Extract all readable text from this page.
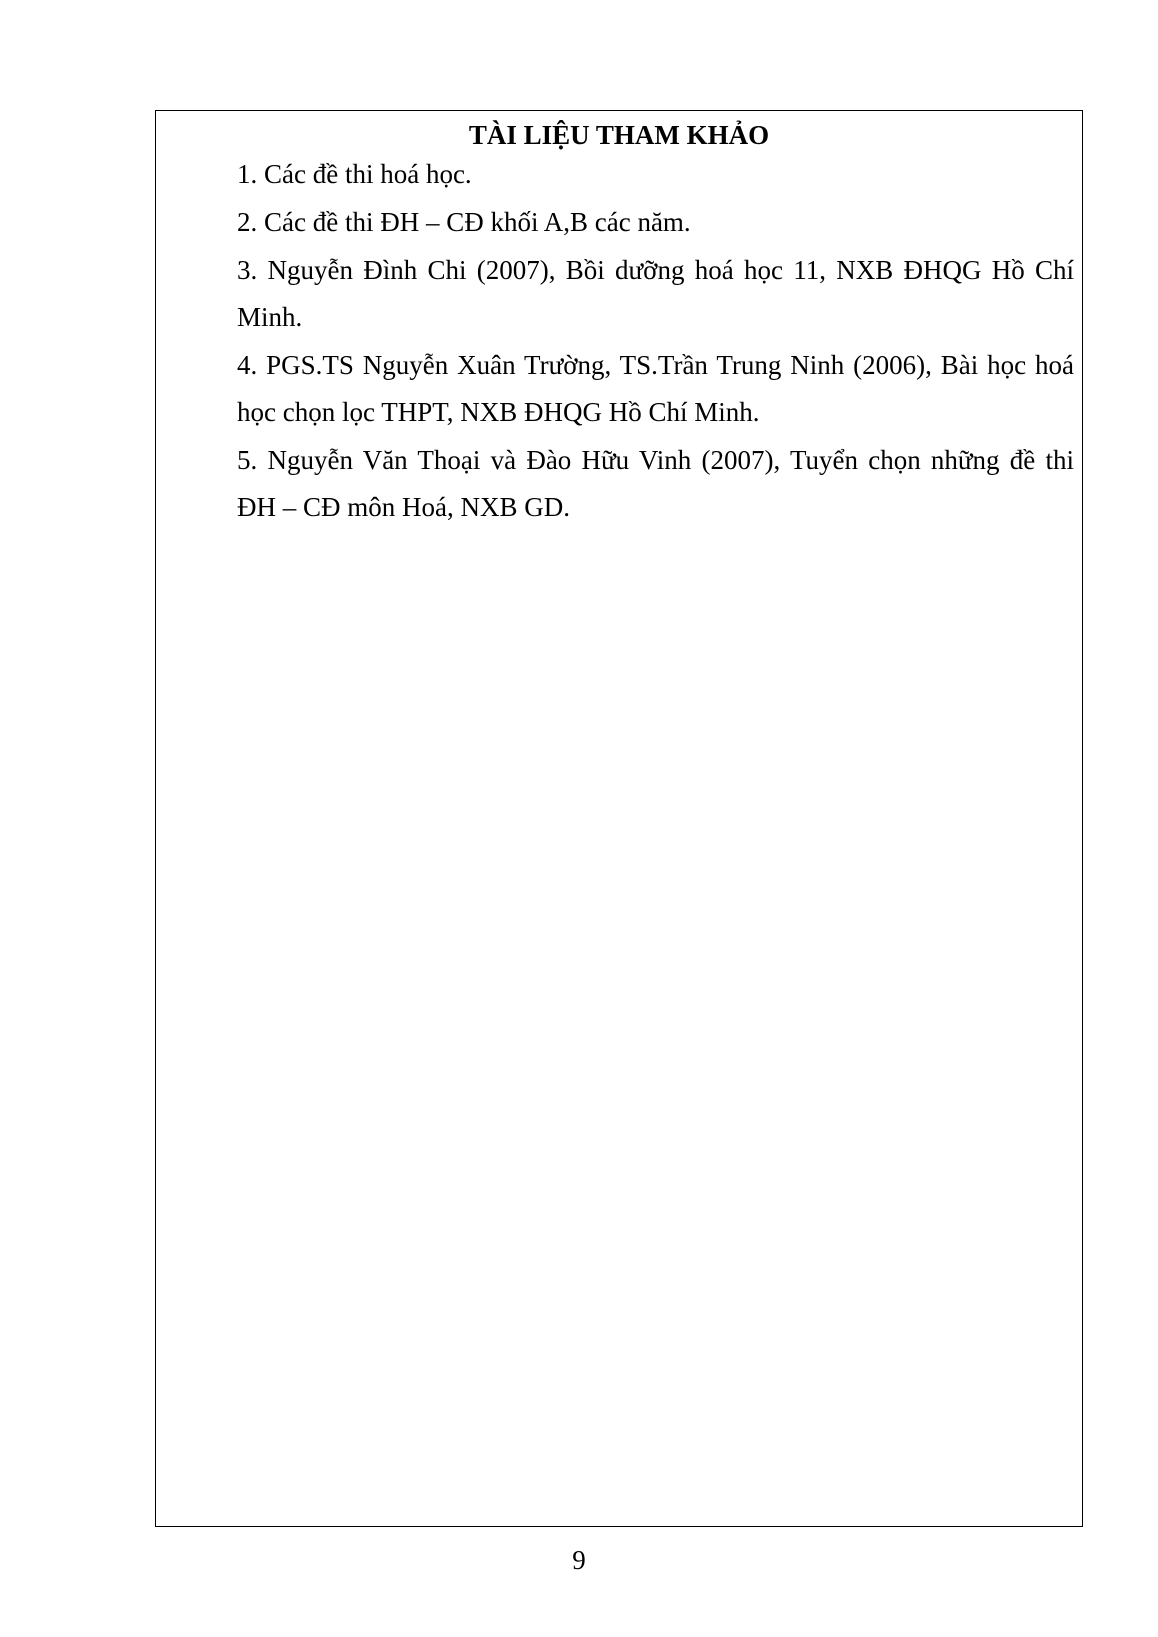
TÀI LIỆU THAM KHẢO
1. Các đề thi hoá học.
2. Các đề thi ĐH – CĐ khối A,B các năm.
3. Nguyễn Đình Chi (2007), Bồi dưỡng hoá học 11, NXB ĐHQG Hồ Chí Minh.
4. PGS.TS Nguyễn Xuân Trường, TS.Trần Trung Ninh (2006), Bài học hoá học chọn lọc THPT, NXB ĐHQG Hồ Chí Minh.
5. Nguyễn Văn Thoại và Đào Hữu Vinh (2007), Tuyển chọn những đề thi ĐH – CĐ môn Hoá, NXB GD.
9
